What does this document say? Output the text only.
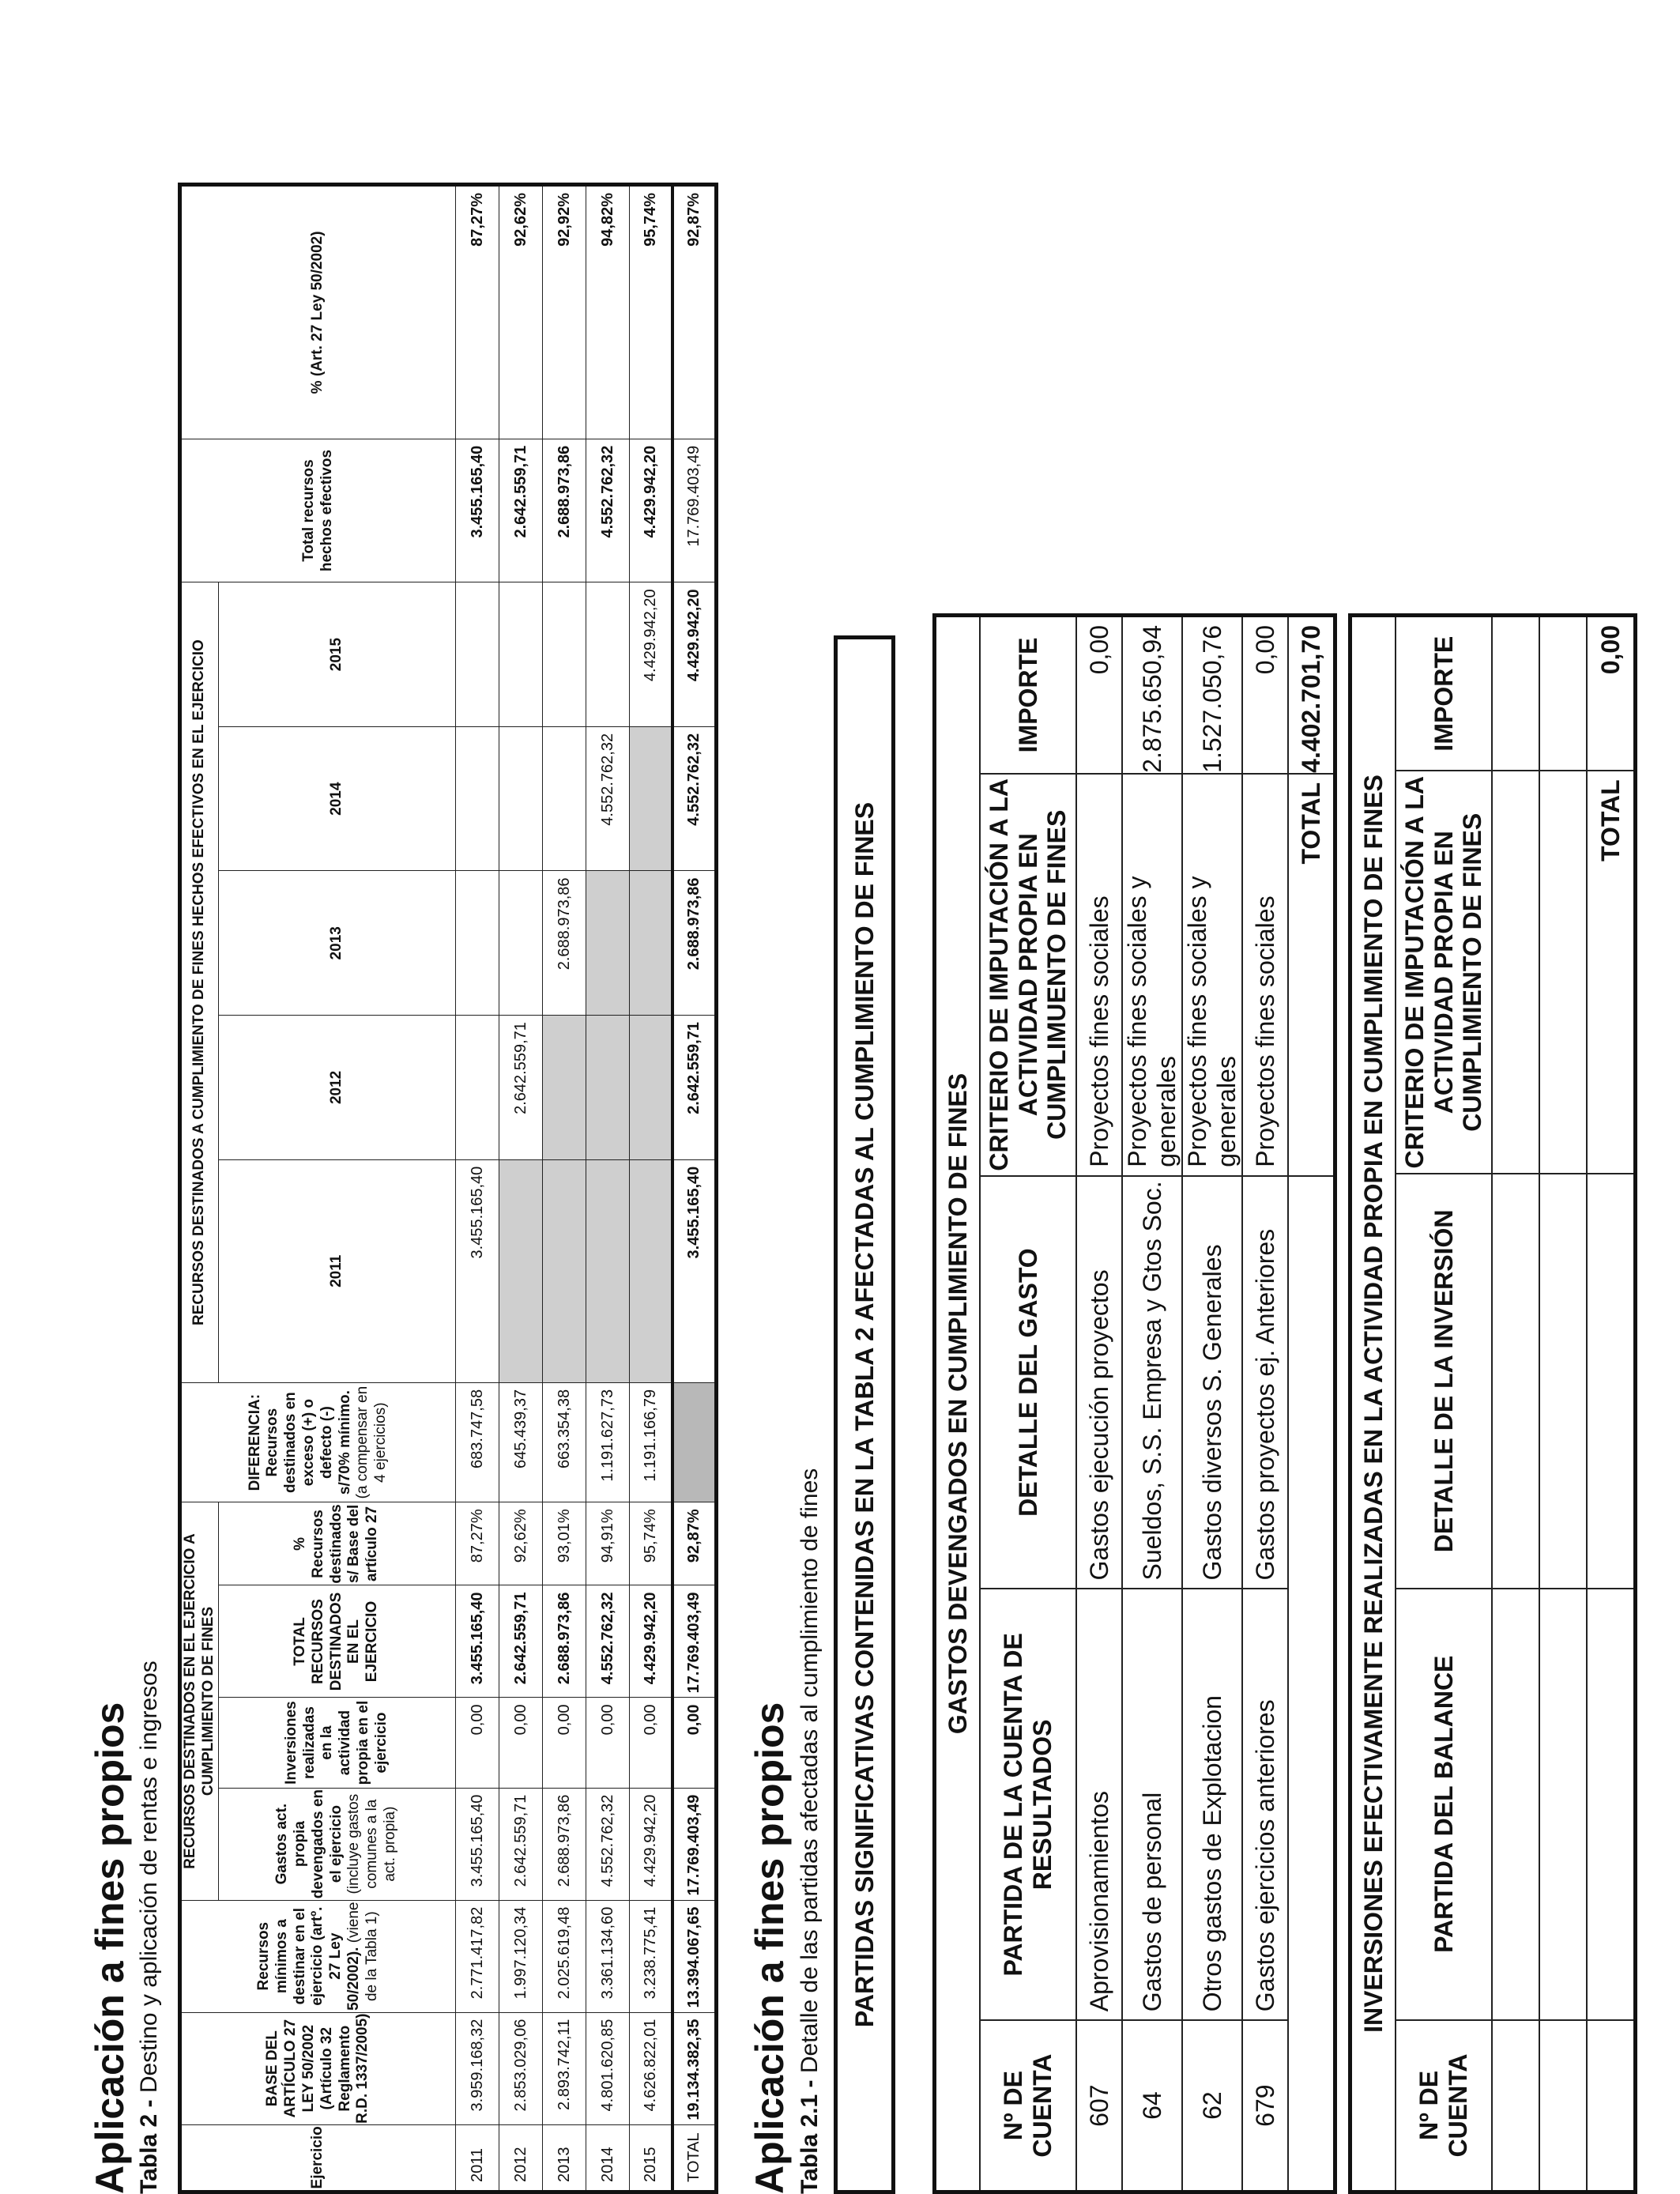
Aplicación a fines propios Tabla 2 - Destino y aplicación de rentas e ingresos
Ejercicio	BASE DEL ARTÍCULO 27 LEY 50/2002 (Artículo 32 Reglamento R.D. 1337/2005)	Recursos mínimos a destinar en el ejercicio (artº. 27 Ley 50/2002). (viene de la Tabla 1)	RECURSOS DESTINADOS EN EL EJERCICIO A CUMPLIMIENTO DE FINES				DIFERENCIA: Recursos destinados en exceso (+) o defecto (-) s/70% mínimo. (a compensar en 4 ejercicios)	RECURSOS DESTINADOS A CUMPLIMIENTO DE FINES HECHOS EFECTIVOS EN EL EJERCICIO					Total recursos hechos efectivos	% (Art. 27 Ley 50/2002)
			Gastos act. propia devengados en el ejercicio (incluye gastos comunes a la act. propia)	Inversiones realizadas en la actividad propia en el ejercicio	TOTAL RECURSOS DESTINADOS EN EL EJERCICIO	% Recursos destinados s/ Base del artículo 27		2011	2012	2013	2014	2015		

2011	3.959.168,32	2.771.417,82	3.455.165,40	0,00	3.455.165,40	87,27%	683.747,58	3.455.165,40					3.455.165,40	87,27%
2012	2.853.029,06	1.997.120,34	2.642.559,71	0,00	2.642.559,71	92,62%	645.439,37		2.642.559,71				2.642.559,71	92,62%
2013	2.893.742,11	2.025.619,48	2.688.973,86	0,00	2.688.973,86	93,01%	663.354,38			2.688.973,86			2.688.973,86	92,92%
2014	4.801.620,85	3.361.134,60	4.552.762,32	0,00	4.552.762,32	94,91%	1.191.627,73				4.552.762,32		4.552.762,32	94,82%
2015	4.626.822,01	3.238.775,41	4.429.942,20	0,00	4.429.942,20	95,74%	1.191.166,79					4.429.942,20	4.429.942,20	95,74%
TOTAL	19.134.382,35	13.394.067,65	17.769.403,49	0,00	17.769.403,49	92,87%		3.455.165,40	2.642.559,71	2.688.973,86	4.552.762,32	4.429.942,20	17.769.403,49	92,87%
Aplicación a fines propios Tabla 2.1 - Detalle de las partidas afectadas al cumplimiento de fines	PARTIDAS SIGNIFICATIVAS CONTENIDAS EN LA TABLA 2 AFECTADAS AL CUMPLIMIENTO DE FINES	GASTOS DEVENGADOS EN CUMPLIMIENTO DE FINES				
Nº DE CUENTA	PARTIDA DE LA CUENTA DE RESULTADOS	DETALLE DEL GASTO	CRITERIO DE IMPUTACIÓN A LA ACTIVIDAD PROPIA EN CUMPLIMUENTO DE FINES	IMPORTE
607	Aprovisionamientos	Gastos ejecución proyectos	Proyectos fines sociales	0,00
64	Gastos de personal	Sueldos, S.S. Empresa y Gtos Soc.	Proyectos fines sociales y generales	2.875.650,94
62	Otros gastos de Explotacion	Gastos diversos S. Generales	Proyectos fines sociales y generales	1.527.050,76
679	Gastos ejercicios anteriores	Gastos proyectos ej. Anteriores	Proyectos fines sociales	0,00
			TOTAL	4.402.701,70
INVERSIONES EFECTIVAMENTE REALIZADAS EN LA ACTIVIDAD PROPIA EN CUMPLIMIENTO DE FINES				
Nº DE CUENTA	PARTIDA DEL BALANCE	DETALLE DE LA INVERSIÓN	CRITERIO DE IMPUTACIÓN A LA ACTIVIDAD PROPIA EN CUMPLIMIENTO DE FINES	IMPORTE

			TOTAL	0,00
